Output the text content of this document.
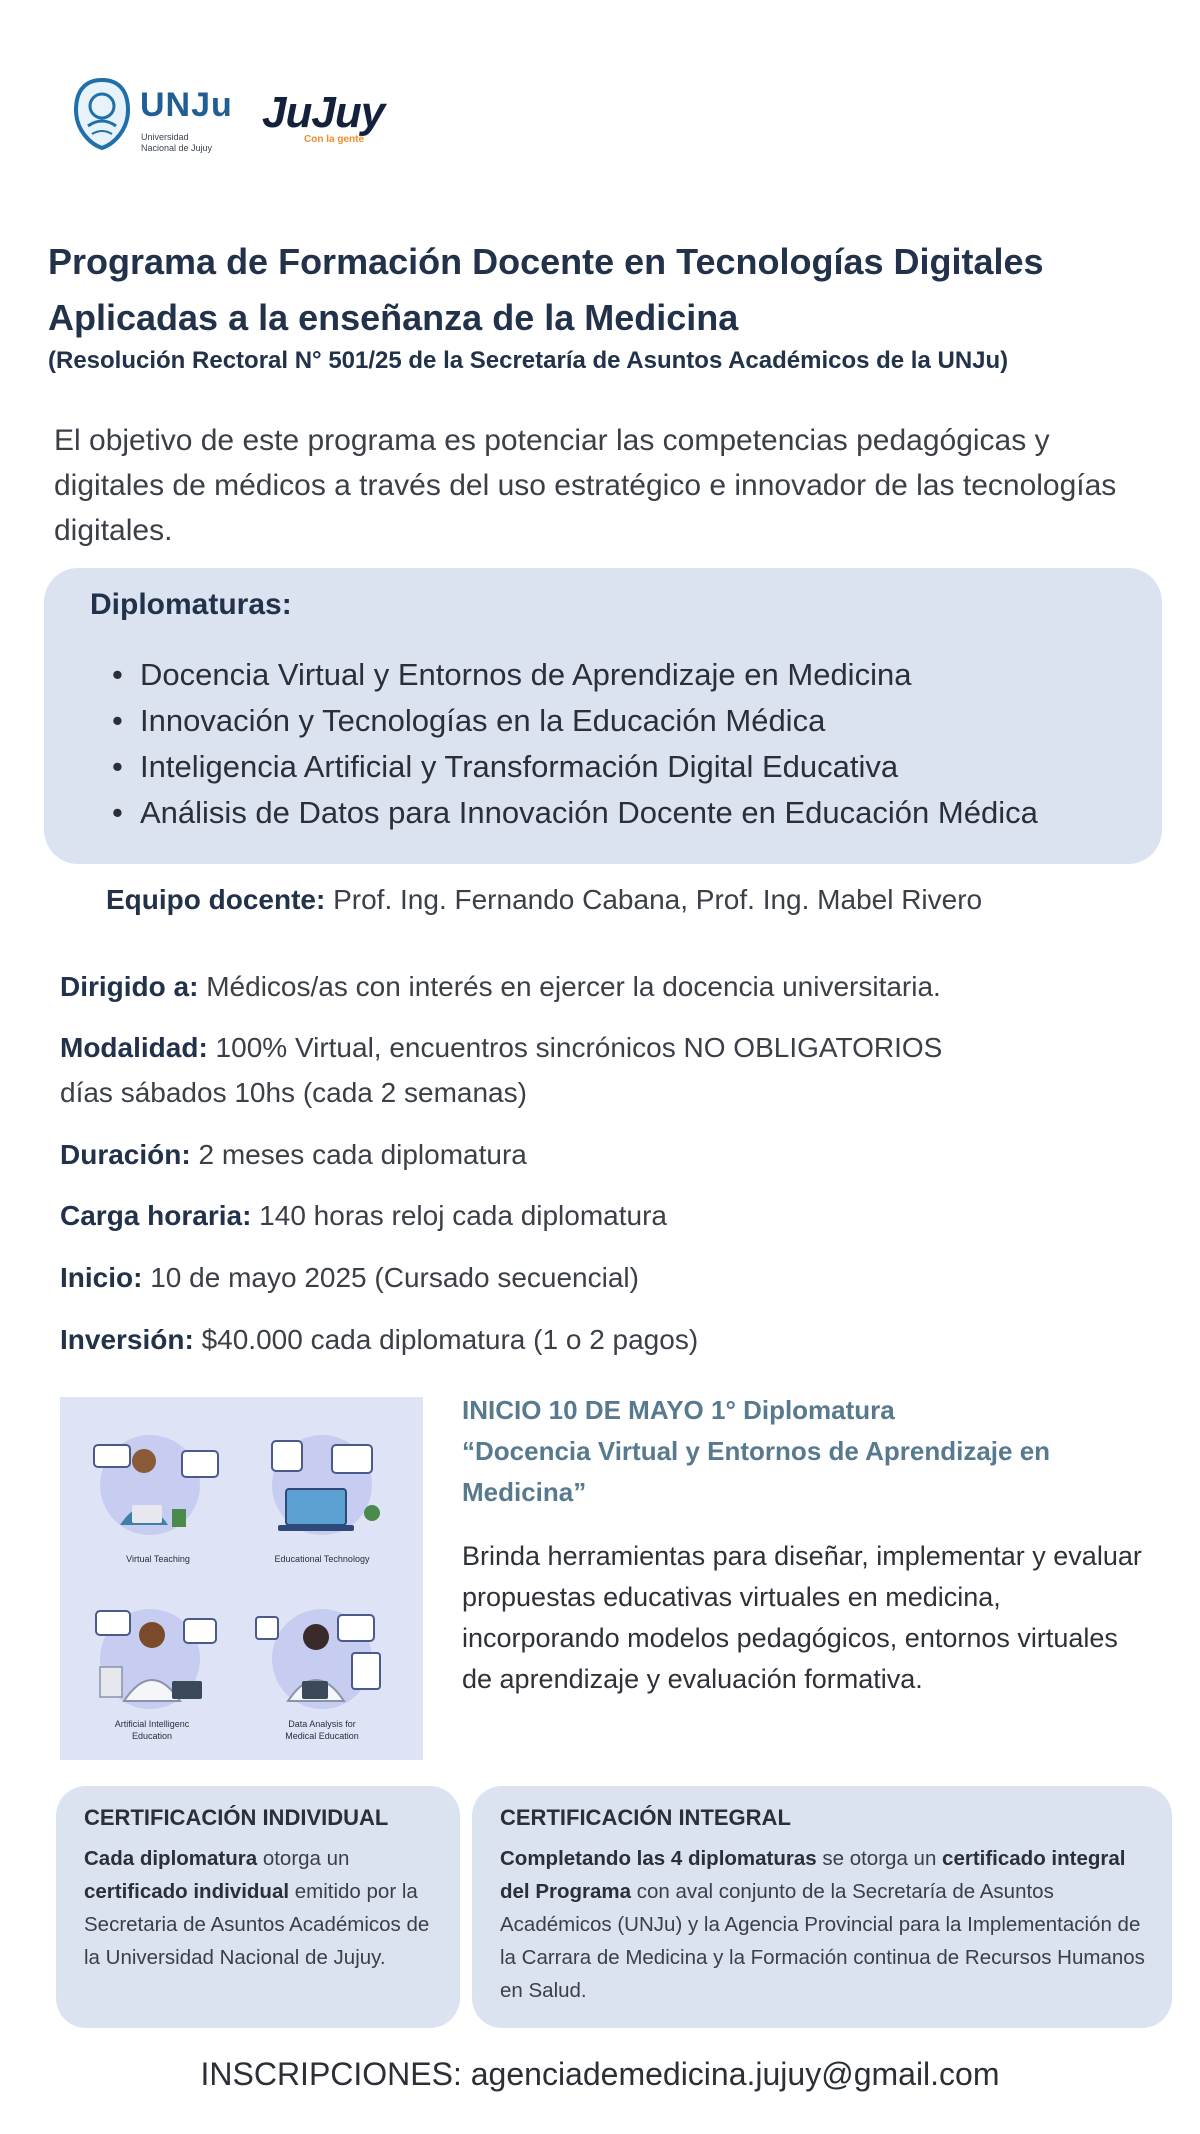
UNJu
Universidad Nacional de Jujuy
JuJuy
Con la gente
Programa de Formación Docente en Tecnologías Digitales
Aplicadas a la enseñanza de la Medicina
(Resolución Rectoral N° 501/25 de la Secretaría de Asuntos Académicos de la UNJu)
El objetivo de este programa es potenciar las competencias pedagógicas y digitales de médicos a través del uso estratégico e innovador de las tecnologías digitales.
Diplomaturas:
• Docencia Virtual y Entornos de Aprendizaje en Medicina
• Innovación y Tecnologías en la Educación Médica
• Inteligencia Artificial y Transformación Digital Educativa
• Análisis de Datos para Innovación Docente en Educación Médica
Equipo docente: Prof. Ing. Fernando Cabana, Prof. Ing. Mabel Rivero
Dirigido a: Médicos/as con interés en ejercer la docencia universitaria.
Modalidad: 100% Virtual, encuentros sincrónicos NO OBLIGATORIOS
días sábados 10hs (cada 2 semanas)
Duración: 2 meses cada diplomatura
Carga horaria: 140 horas reloj cada diplomatura
Inicio: 10 de mayo 2025 (Cursado secuencial)
Inversión: $40.000 cada diplomatura (1 o 2 pagos)
Virtual Teaching	Educational Technology
Artificial Intelligenc
Education
Data Analysis for
Medical Education
INICIO 10 DE MAYO 1° Diplomatura
“Docencia Virtual y Entornos de Aprendizaje en
Medicina”
Brinda herramientas para diseñar, implementar y evaluar propuestas educativas virtuales en medicina, incorporando modelos pedagógicos, entornos virtuales de aprendizaje y evaluación formativa.
CERTIFICACIÓN INDIVIDUAL
Cada diplomatura otorga un certificado individual emitido por la Secretaria de Asuntos Académicos de la Universidad Nacional de Jujuy.
CERTIFICACIÓN INTEGRAL
Completando las 4 diplomaturas se otorga un certificado integral del Programa con aval conjunto de la Secretaría de Asuntos Académicos (UNJu) y la Agencia Provincial para la Implementación de la Carrara de Medicina y la Formación continua de Recursos Humanos en Salud.
INSCRIPCIONES: agenciademedicina.jujuy@gmail.com
